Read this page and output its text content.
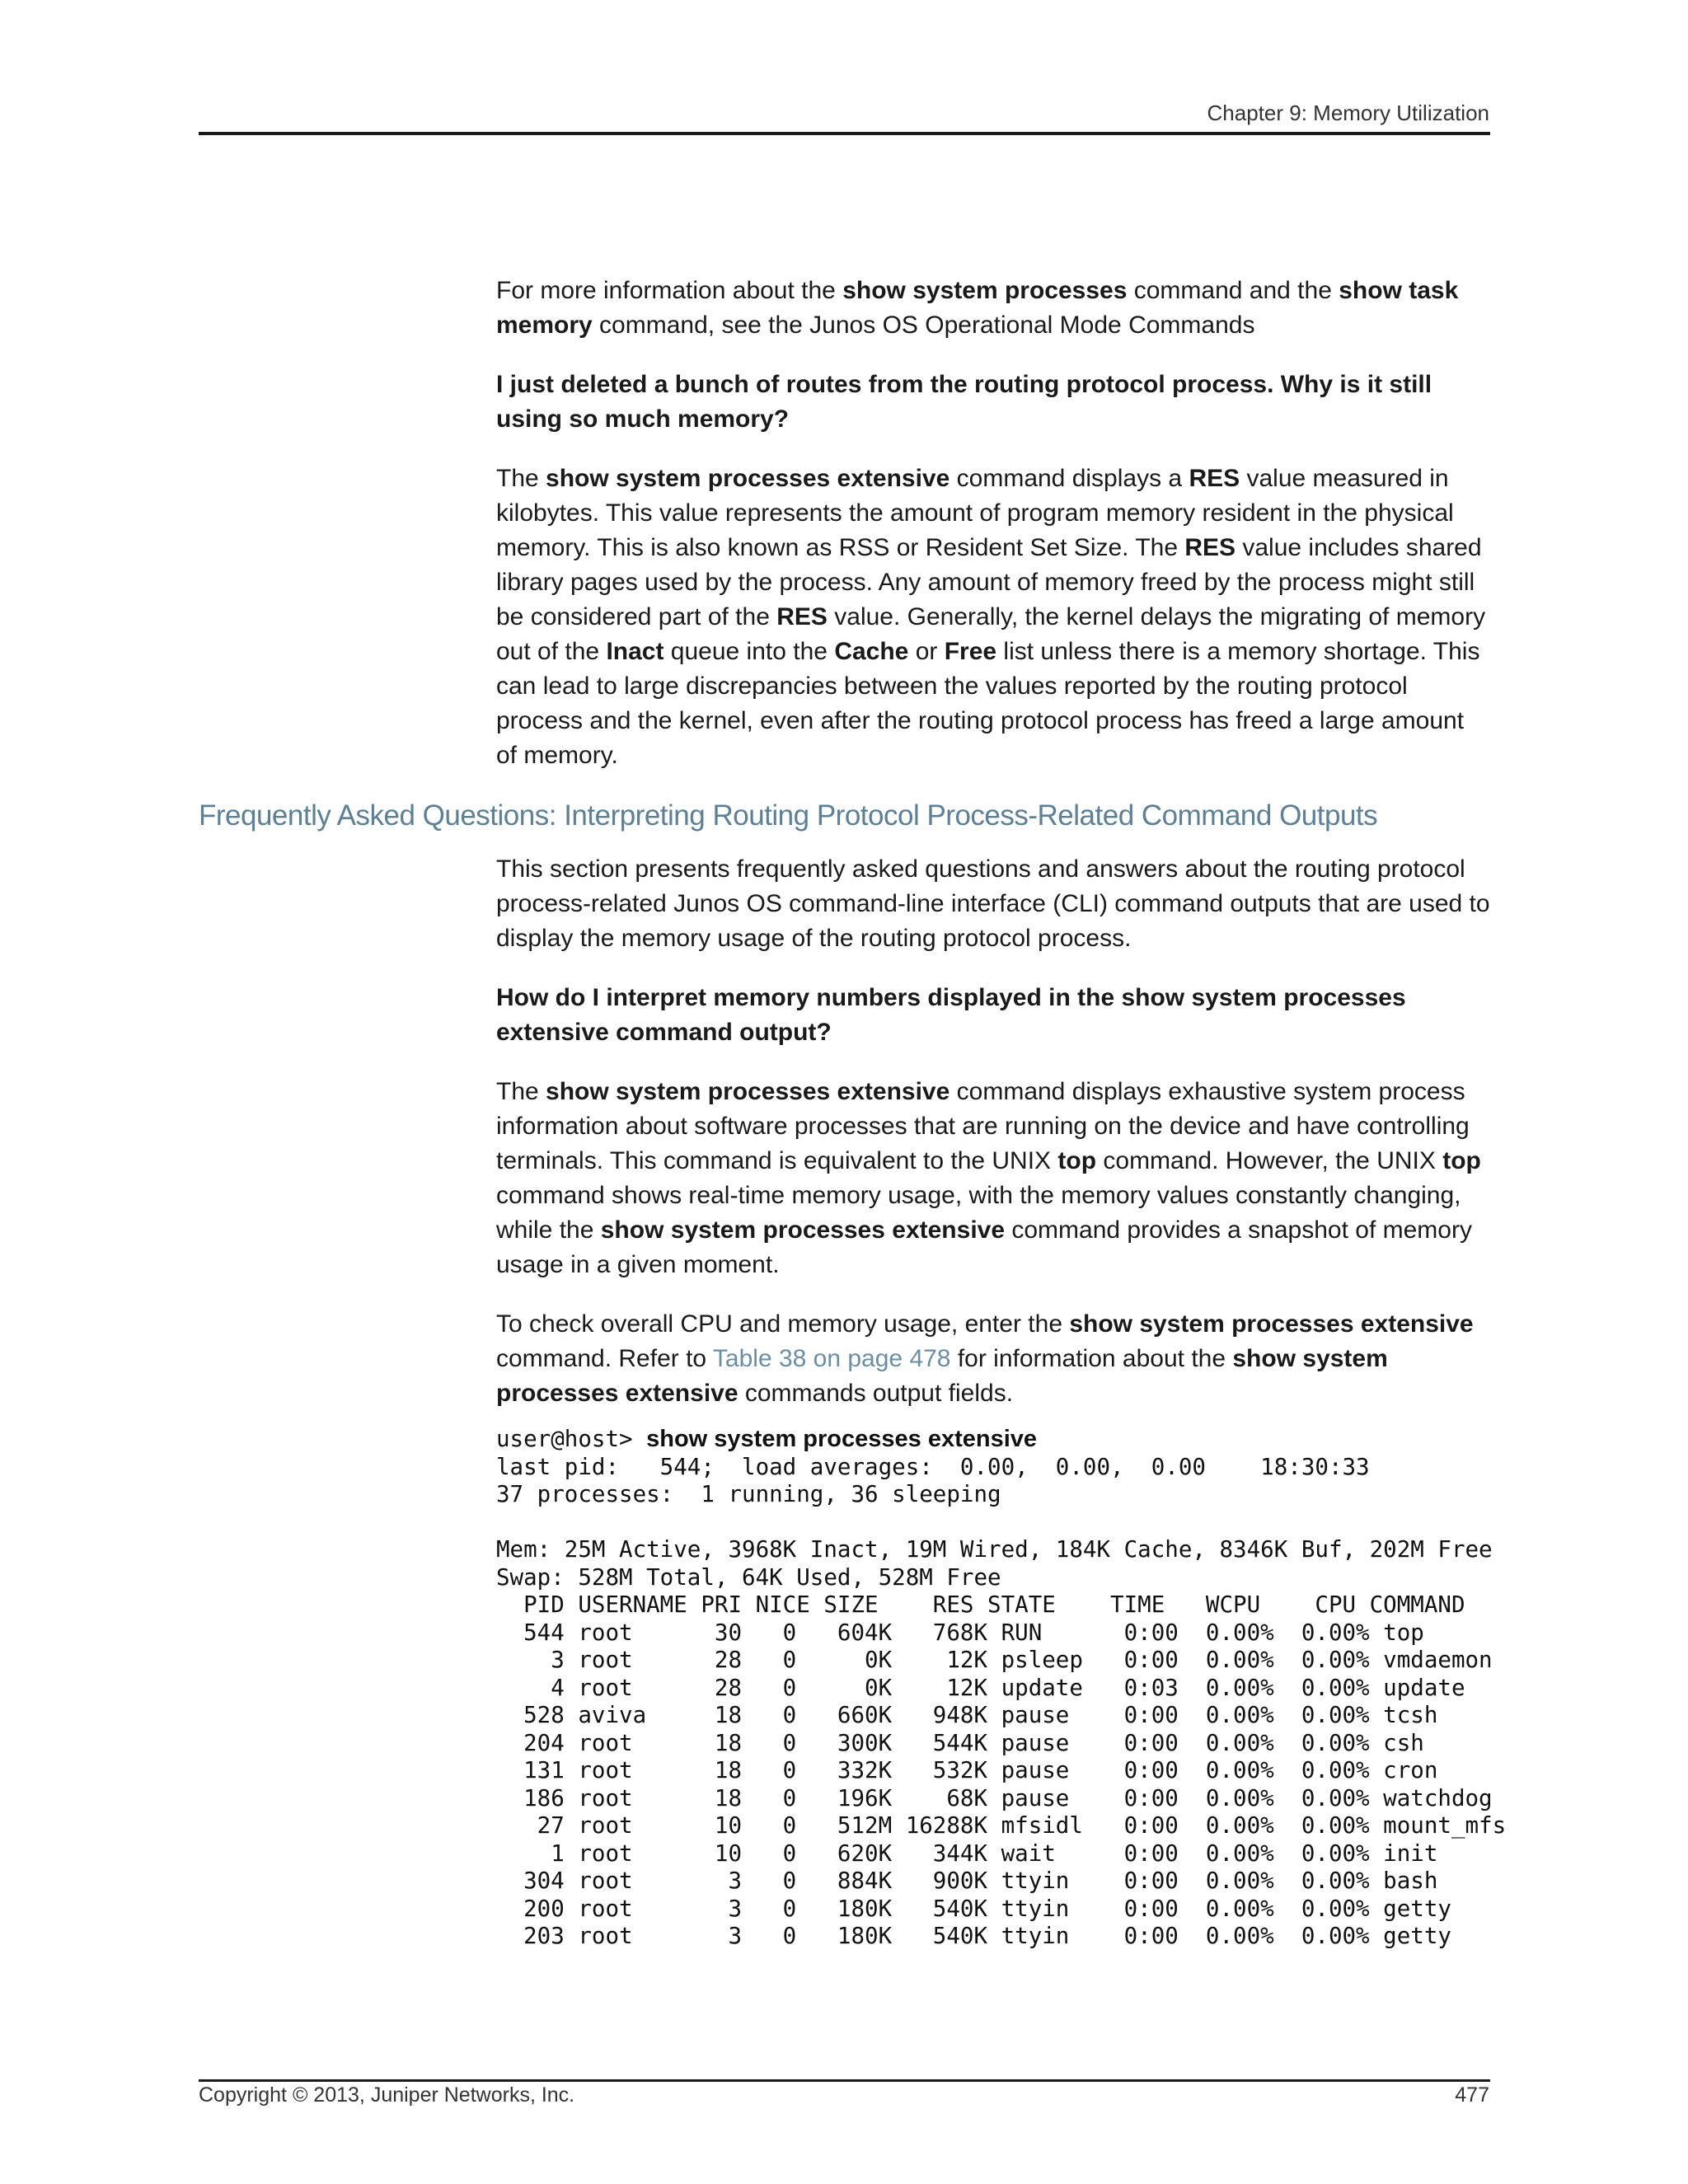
Chapter 9: Memory Utilization

For more information about the show system processes command and the show task memory command, see the Junos OS Operational Mode Commands

I just deleted a bunch of routes from the routing protocol process. Why is it still using so much memory?

The show system processes extensive command displays a RES value measured in kilobytes. This value represents the amount of program memory resident in the physical memory. This is also known as RSS or Resident Set Size. The RES value includes shared library pages used by the process. Any amount of memory freed by the process might still be considered part of the RES value. Generally, the kernel delays the migrating of memory out of the Inact queue into the Cache or Free list unless there is a memory shortage. This can lead to large discrepancies between the values reported by the routing protocol process and the kernel, even after the routing protocol process has freed a large amount of memory.

Frequently Asked Questions: Interpreting Routing Protocol Process-Related Command Outputs

This section presents frequently asked questions and answers about the routing protocol process-related Junos OS command-line interface (CLI) command outputs that are used to display the memory usage of the routing protocol process.

How do I interpret memory numbers displayed in the show system processes extensive command output?

The show system processes extensive command displays exhaustive system process information about software processes that are running on the device and have controlling terminals. This command is equivalent to the UNIX top command. However, the UNIX top command shows real-time memory usage, with the memory values constantly changing, while the show system processes extensive command provides a snapshot of memory usage in a given moment.

To check overall CPU and memory usage, enter the show system processes extensive command. Refer to Table 38 on page 478 for information about the show system processes extensive commands output fields.

user@host> show system processes extensive
last pid:   544;  load averages:  0.00,  0.00,  0.00    18:30:33
37 processes:  1 running, 36 sleeping

Mem: 25M Active, 3968K Inact, 19M Wired, 184K Cache, 8346K Buf, 202M Free
Swap: 528M Total, 64K Used, 528M Free
PID USERNAME PRI NICE SIZE    RES STATE    TIME   WCPU    CPU COMMAND
544 root      30   0   604K   768K RUN      0:00  0.00%  0.00% top
3 root      28   0     0K    12K psleep   0:00  0.00%  0.00% vmdaemon
4 root      28   0     0K    12K update   0:03  0.00%  0.00% update
528 aviva     18   0   660K   948K pause    0:00  0.00%  0.00% tcsh
204 root      18   0   300K   544K pause    0:00  0.00%  0.00% csh
131 root      18   0   332K   532K pause    0:00  0.00%  0.00% cron
186 root      18   0   196K    68K pause    0:00  0.00%  0.00% watchdog
27 root      10   0   512M 16288K mfsidl   0:00  0.00%  0.00% mount_mfs
1 root      10   0   620K   344K wait     0:00  0.00%  0.00% init
304 root       3   0   884K   900K ttyin    0:00  0.00%  0.00% bash
200 root       3   0   180K   540K ttyin    0:00  0.00%  0.00% getty
203 root       3   0   180K   540K ttyin    0:00  0.00%  0.00% getty
Copyright © 2013, Juniper Networks, Inc.	477
